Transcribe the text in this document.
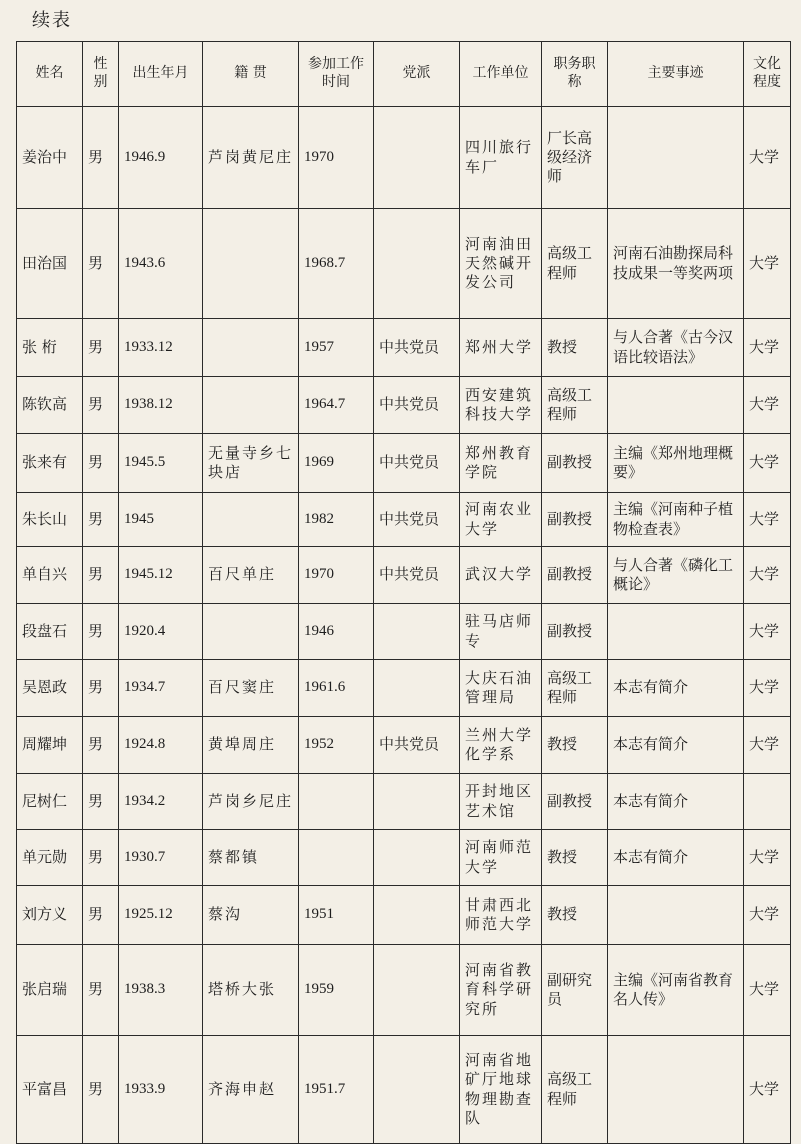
续表
姓名	性别	出生年月	籍 贯	参加工作时间	党派	工作单位	职务职称	主要事迹	文化程度
姜治中	男	1946.9	芦岗黄尼庄	1970		四川旅行车厂	厂长高级经济师		大学
田治国	男	1943.6		1968.7		河南油田天然碱开发公司	高级工程师	河南石油勘探局科技成果一等奖两项	大学
张 桁	男	1933.12		1957	中共党员	郑州大学	教授	与人合著《古今汉语比较语法》	大学
陈钦高	男	1938.12		1964.7	中共党员	西安建筑科技大学	高级工程师		大学
张来有	男	1945.5	无量寺乡七块店	1969	中共党员	郑州教育学院	副教授	主编《郑州地理概要》	大学
朱长山	男	1945		1982	中共党员	河南农业大学	副教授	主编《河南种子植物检查表》	大学
单自兴	男	1945.12	百尺单庄	1970	中共党员	武汉大学	副教授	与人合著《磷化工概论》	大学
段盘石	男	1920.4		1946		驻马店师专	副教授		大学
吴恩政	男	1934.7	百尺窦庄	1961.6		大庆石油管理局	高级工程师	本志有简介	大学
周耀坤	男	1924.8	黄埠周庄	1952	中共党员	兰州大学化学系	教授	本志有简介	大学
尼树仁	男	1934.2	芦岗乡尼庄			开封地区艺术馆	副教授	本志有简介	
单元勋	男	1930.7	蔡都镇			河南师范大学	教授	本志有简介	大学
刘方义	男	1925.12	蔡沟	1951		甘肃西北师范大学	教授		大学
张启瑞	男	1938.3	塔桥大张	1959		河南省教育科学研究所	副研究员	主编《河南省教育名人传》	大学
平富昌	男	1933.9	齐海申赵	1951.7		河南省地矿厅地球物理勘查队	高级工程师		大学
